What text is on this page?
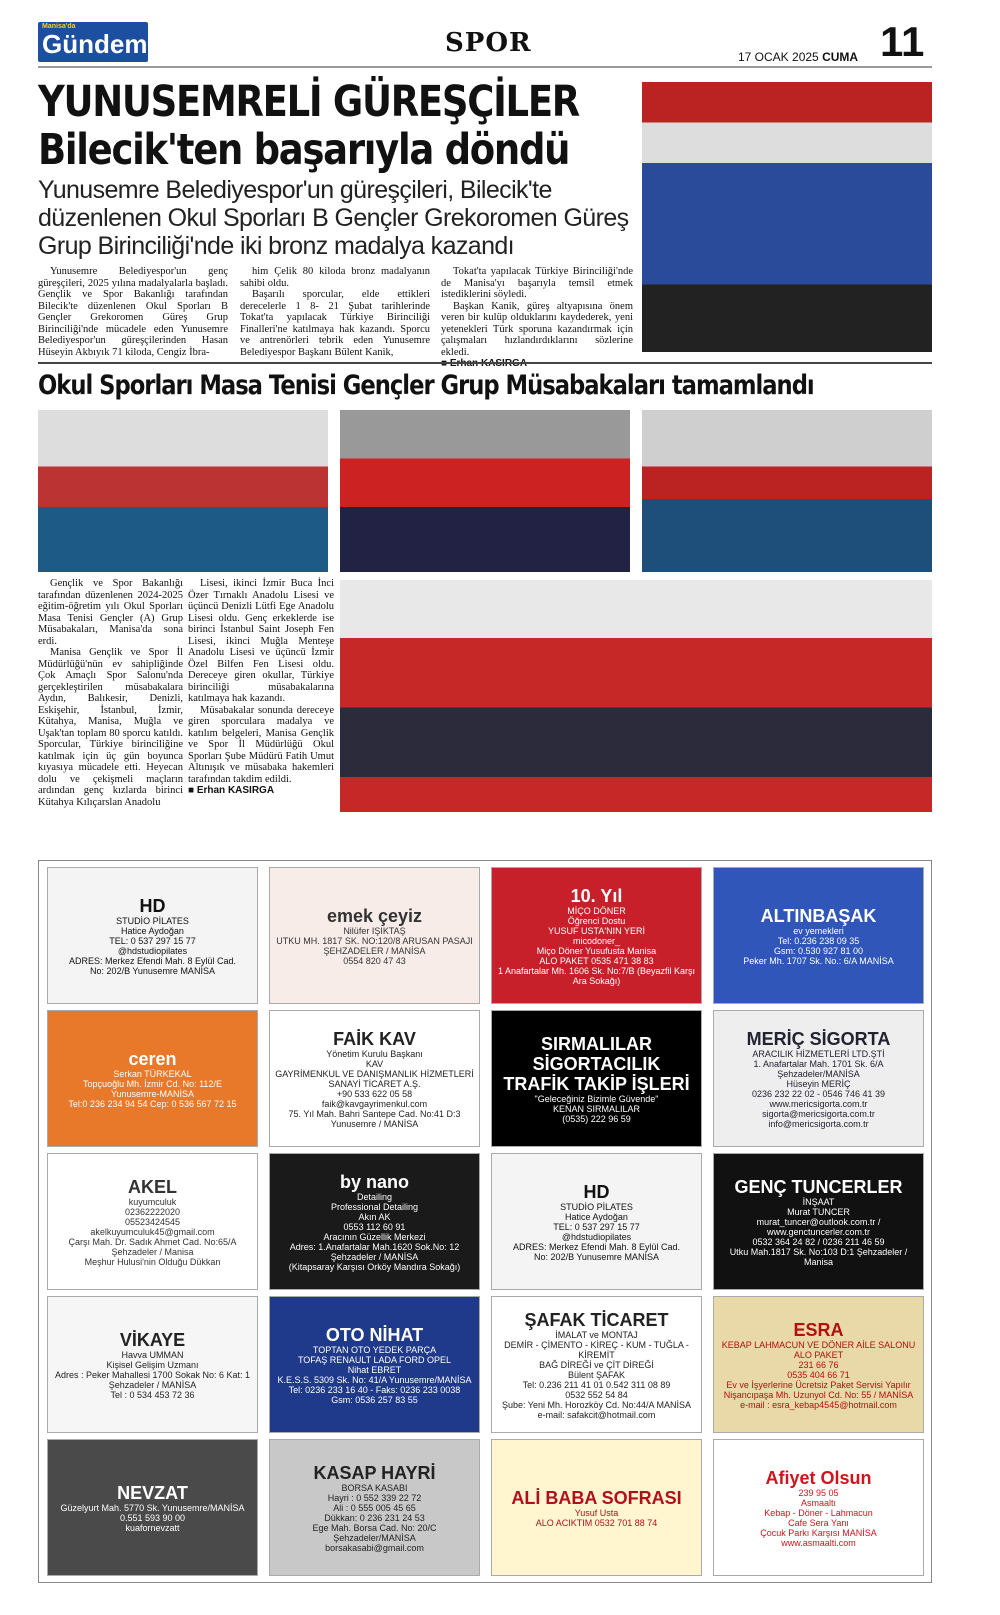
Manisa'da
Gündem	SPOR	17 OCAK 2025 CUMA 11
YUNUSEMRELİ GÜREŞÇİLER Bilecik'ten başarıyla döndü
Yunusemre Belediyespor'un güreşçileri, Bilecik'te düzenlenen Okul Sporları B Gençler Grekoromen Güreş Grup Birinciliği'nde iki bronz madalya kazandı

Yunusemre Belediyespor'un genç güreşçileri, 2025 yılına madalyalarla başladı. Gençlik ve Spor Bakanlığı tarafından Bilecik'te düzenlenen Okul Sporları B Gençler Grekoromen Güreş Grup Birinciliği'nde mücadele eden Yunusemre Belediyespor'un güreşçilerinden Hasan Hüseyin Akbıyık 71 kiloda, Cengiz İbra-

him Çelik 80 kiloda bronz madalyanın sahibi oldu.

Başarılı sporcular, elde ettikleri derecelerle 1 8- 21 Şubat tarihlerinde Tokat'ta yapılacak Türkiye Birinciliği Finalleri'ne katılmaya hak kazandı. Sporcu ve antrenörleri tebrik eden Yunusemre Belediyespor Başkanı Bülent Kanik,

Tokat'ta yapılacak Türkiye Birinciliği'nde de Manisa'yı başarıyla temsil etmek istediklerini söyledi.

Başkan Kanik, güreş altyapısına önem veren bir kulüp olduklarını kaydederek, yeni yetenekleri Türk sporuna kazandırmak için çalışmaları hızlandırdıklarını sözlerine ekledi.

■
Okul Sporları Masa Tenisi Gençler Grup Müsabakaları tamamlandı

Gençlik ve Spor Bakanlığı tarafından düzenlenen 2024-2025 eğitim-öğretim yılı Okul Sporları Masa Tenisi Gençler (A) Grup Müsabakaları, Manisa'da sona erdi.

Manisa Gençlik ve Spor İl Müdürlüğü'nün ev sahipliğinde Çok Amaçlı Spor Salonu'nda gerçekleştirilen müsabakalara Aydın, Balıkesir, Denizli, Eskişehir, İstanbul, İzmir, Kütahya, Manisa, Muğla ve Uşak'tan toplam 80 sporcu katıldı. Sporcular, Türkiye birinciliğine katılmak için üç gün boyunca kıyasıya mücadele etti. Heyecan dolu ve çekişmeli maçların ardından genç kızlarda birinci Kütahya Kılıçarslan Anadolu

Lisesi, ikinci İzmir Buca İnci Özer Tırnaklı Anadolu Lisesi ve üçüncü Denizli Lütfi Ege Anadolu Lisesi oldu. Genç erkeklerde ise birinci İstanbul Saint Joseph Fen Lisesi, ikinci Muğla Menteşe Anadolu Lisesi ve üçüncü İzmir Özel Bilfen Fen Lisesi oldu. Dereceye giren okullar, Türkiye birinciliği müsabakalarına katılmaya hak kazandı.

Müsabakalar sonunda dereceye giren sporculara madalya ve katılım belgeleri, Manisa Gençlik ve Spor İl Müdürlüğü Okul Sporları Şube Müdürü Fatih Umut Altınışık ve müsabaka hakemleri tarafından takdim edildi.

■ Erhan KASIRGA
HD
STUDİO PİLATES
Hatice Aydoğan
TEL: 0 537 297 15 77
@hdstudiopilates
ADRES: Merkez Efendi Mah. 8 Eylül Cad.
No: 202/B Yunusemre MANİSA
emek çeyiz
Nilüfer IŞIKTAŞ
UTKU MH. 1817 SK. NO:120/8 ARUSAN PASAJI
ŞEHZADELER / MANİSA
0554 820 47 43
10. Yıl
MİÇO DÖNER
Öğrenci Dostu
YUSUF USTA'NIN YERİ
micodoner_
Miço Döner Yusufusta Manisa
ALO PAKET 0535 471 38 83
1 Anafartalar Mh. 1606 Sk. No:7/B (Beyazfil Karşı Ara Sokağı)
ALTINBAŞAK
ev yemekleri
Tel: 0.236 238 09 35
Gsm: 0.530 927 81 00
Peker Mh. 1707 Sk. No.: 6/A MANİSA
ceren
Serkan TÜRKEKAL
Topçuoğlu Mh. İzmir Cd. No: 112/E
Yunusemre-MANİSA
Tel:0 236 234 94 54 Cep: 0 536 567 72 15
FAİK KAV
Yönetim Kurulu Başkanı
KAV
GAYRİMENKUL VE DANIŞMANLIK HİZMETLERİ SANAYİ TİCARET A.Ş.
+90 533 622 05 58
faik@kavgayrimenkul.com
75. Yıl Mah. Bahri Santepe Cad. No:41 D:3 Yunusemre / MANİSA
SIRMALILAR
SİGORTACILIK
TRAFİK TAKİP İŞLERİ
"Geleceğiniz Bizimle Güvende"
KENAN SIRMALILAR
(0535) 222 96 59
MERİÇ SİGORTA
ARACILIK HİZMETLERİ LTD.ŞTİ
1. Anafartalar Mah. 1701 Sk. 6/A Şehzadeler/MANİSA
Hüseyin MERİÇ
0236 232 22 02 - 0546 746 41 39
www.mericsigorta.com.tr
sigorta@mericsigorta.com.tr
info@mericsigorta.com.tr
AKEL
kuyumculuk
02362222020
05523424545
akelkuyumculuk45@gmail.com
Çarşı Mah. Dr. Sadık Ahmet Cad. No:65/A Şehzadeler / Manisa
Meşhur Hulusi'nin Olduğu Dükkan
by nano
Detailing
Professional Detailing
Akın AK
0553 112 60 91
Aracının Güzellik Merkezi
Adres: 1.Anafartalar Mah.1620 Sok.No: 12 Şehzadeler / MANİSA
(Kitapsaray Karşısı Orköy Mandıra Sokağı)
HD
STUDİO PİLATES
Hatice Aydoğan
TEL: 0 537 297 15 77
@hdstudiopilates
ADRES: Merkez Efendi Mah. 8 Eylül Cad.
No: 202/B Yunusemre MANİSA
GENÇ TUNCERLER
İNŞAAT
Murat TUNCER
murat_tuncer@outlook.com.tr / www.genctuncerler.com.tr
0532 364 24 82 / 0236 211 46 59
Utku Mah.1817 Sk. No:103 D:1 Şehzadeler / Manisa
VİKAYE
Havva UMMAN
Kişisel Gelişim Uzmanı
Adres : Peker Mahallesi 1700 Sokak No: 6 Kat: 1
Şehzadeler / MANİSA
Tel : 0 534 453 72 36
OTO NİHAT
TOPTAN OTO YEDEK PARÇA
TOFAŞ RENAULT LADA FORD OPEL
Nihat EBRET
K.E.S.S. 5309 Sk. No: 41/A Yunusemre/MANİSA
Tel: 0236 233 16 40 - Faks: 0236 233 0038
Gsm: 0536 257 83 55
ŞAFAK TİCARET
İMALAT ve MONTAJ
DEMİR - ÇİMENTO - KİREÇ - KUM - TUĞLA - KİREMİT
BAĞ DİREĞİ ve ÇİT DİREĞİ
Bülent ŞAFAK
Tel: 0.236 211 41 01 0.542 311 08 89
0532 552 54 84
Şube: Yeni Mh. Horozköy Cd. No:44/A MANİSA
e-mail: safakcit@hotmail.com
ESRA
KEBAP LAHMACUN VE DÖNER AİLE SALONU
ALO PAKET
231 66 76
0535 404 66 71
Ev ve İşyerlerine Ücretsiz Paket Servisi Yapılır
Nişancıpaşa Mh. Uzunyol Cd. No: 55 / MANİSA
e-mail : esra_kebap4545@hotmail.com
NEVZAT
Güzelyurt Mah. 5770 Sk. Yunusemre/MANİSA
0.551 593 90 00
kuafornevzatt
KASAP HAYRİ
BORSA KASABI
Hayri : 0 552 339 22 72
Ali : 0 555 005 45 65
Dükkan: 0 236 231 24 53
Ege Mah. Borsa Cad. No: 20/C Şehzadeler/MANİSA
borsakasabi@gmail.com
ALİ BABA SOFRASI
Yusuf Usta
ALO ACIKTIM 0532 701 88 74
Afiyet Olsun
239 95 05
Asmaaltı
Kebap - Döner - Lahmacun
Cafe Sera Yanı
Çocuk Parkı Karşısı MANİSA
www.asmaalti.com
